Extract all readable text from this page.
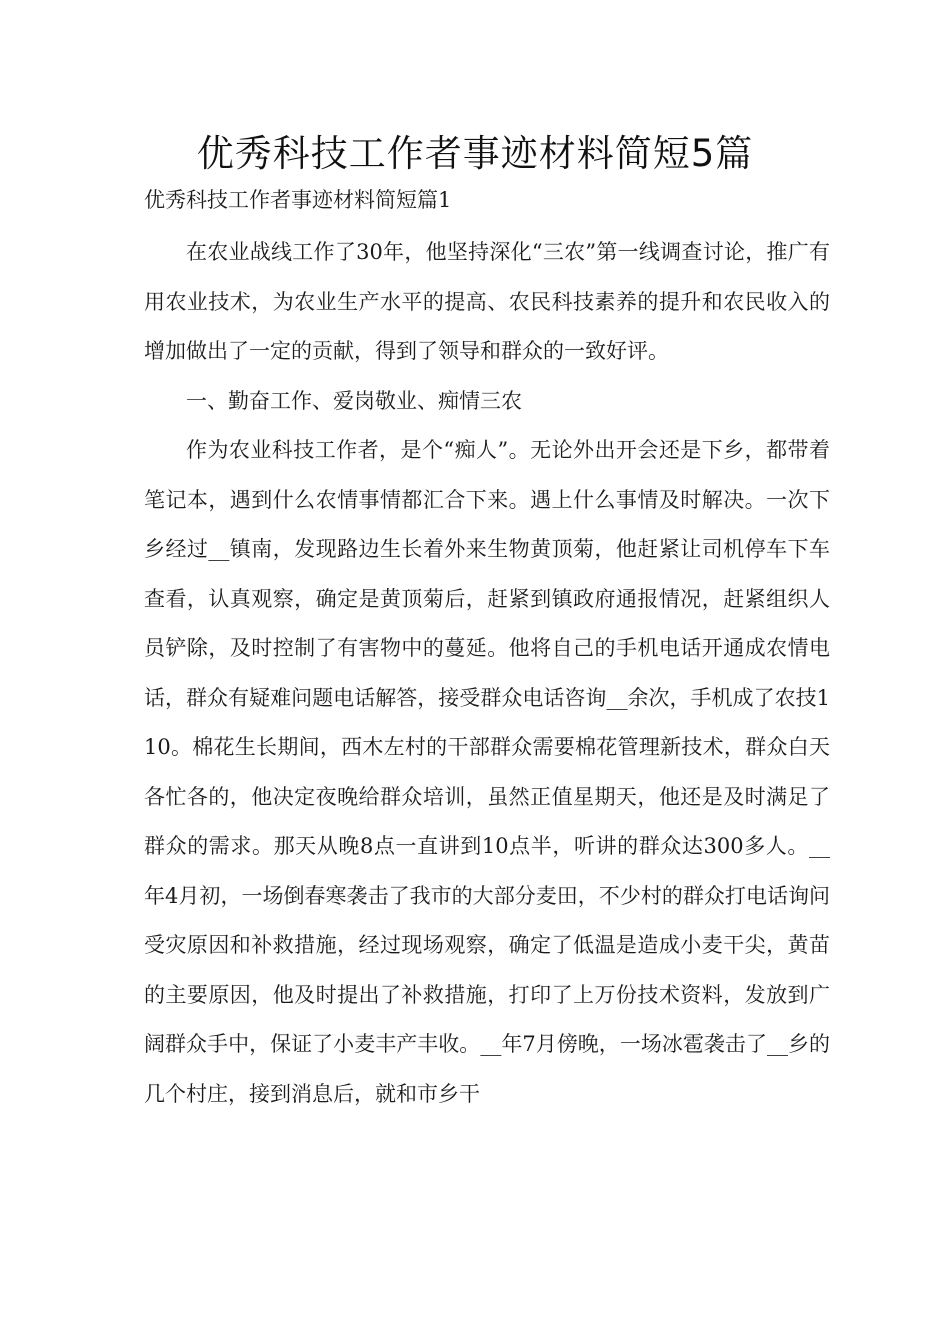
优秀科技工作者事迹材料简短5篇

优秀科技工作者事迹材料简短篇1

在农业战线工作了30年，他坚持深化“三农”第一线调查讨论，推广有用农业技术，为农业生产水平的提高、农民科技素养的提升和农民收入的增加做出了一定的贡献，得到了领导和群众的一致好评。

一、勤奋工作、爱岗敬业、痴情三农

作为农业科技工作者，是个“痴人”。无论外出开会还是下乡，都带着笔记本，遇到什么农情事情都汇合下来。遇上什么事情及时解决。一次下乡经过__镇南，发现路边生长着外来生物黄顶菊，他赶紧让司机停车下车查看，认真观察，确定是黄顶菊后，赶紧到镇政府通报情况，赶紧组织人员铲除，及时控制了有害物中的蔓延。他将自己的手机电话开通成农情电话，群众有疑难问题电话解答，接受群众电话咨询__余次，手机成了农技110。棉花生长期间，西木左村的干部群众需要棉花管理新技术，群众白天各忙各的，他决定夜晚给群众培训，虽然正值星期天，他还是及时满足了群众的需求。那天从晚8点一直讲到10点半，听讲的群众达300多人。__年4月初，一场倒春寒袭击了我市的大部分麦田，不少村的群众打电话询问受灾原因和补救措施，经过现场观察，确定了低温是造成小麦干尖，黄苗的主要原因，他及时提出了补救措施，打印了上万份技术资料，发放到广阔群众手中，保证了小麦丰产丰收。__年7月傍晚，一场冰雹袭击了__乡的几个村庄，接到消息后，就和市乡干
